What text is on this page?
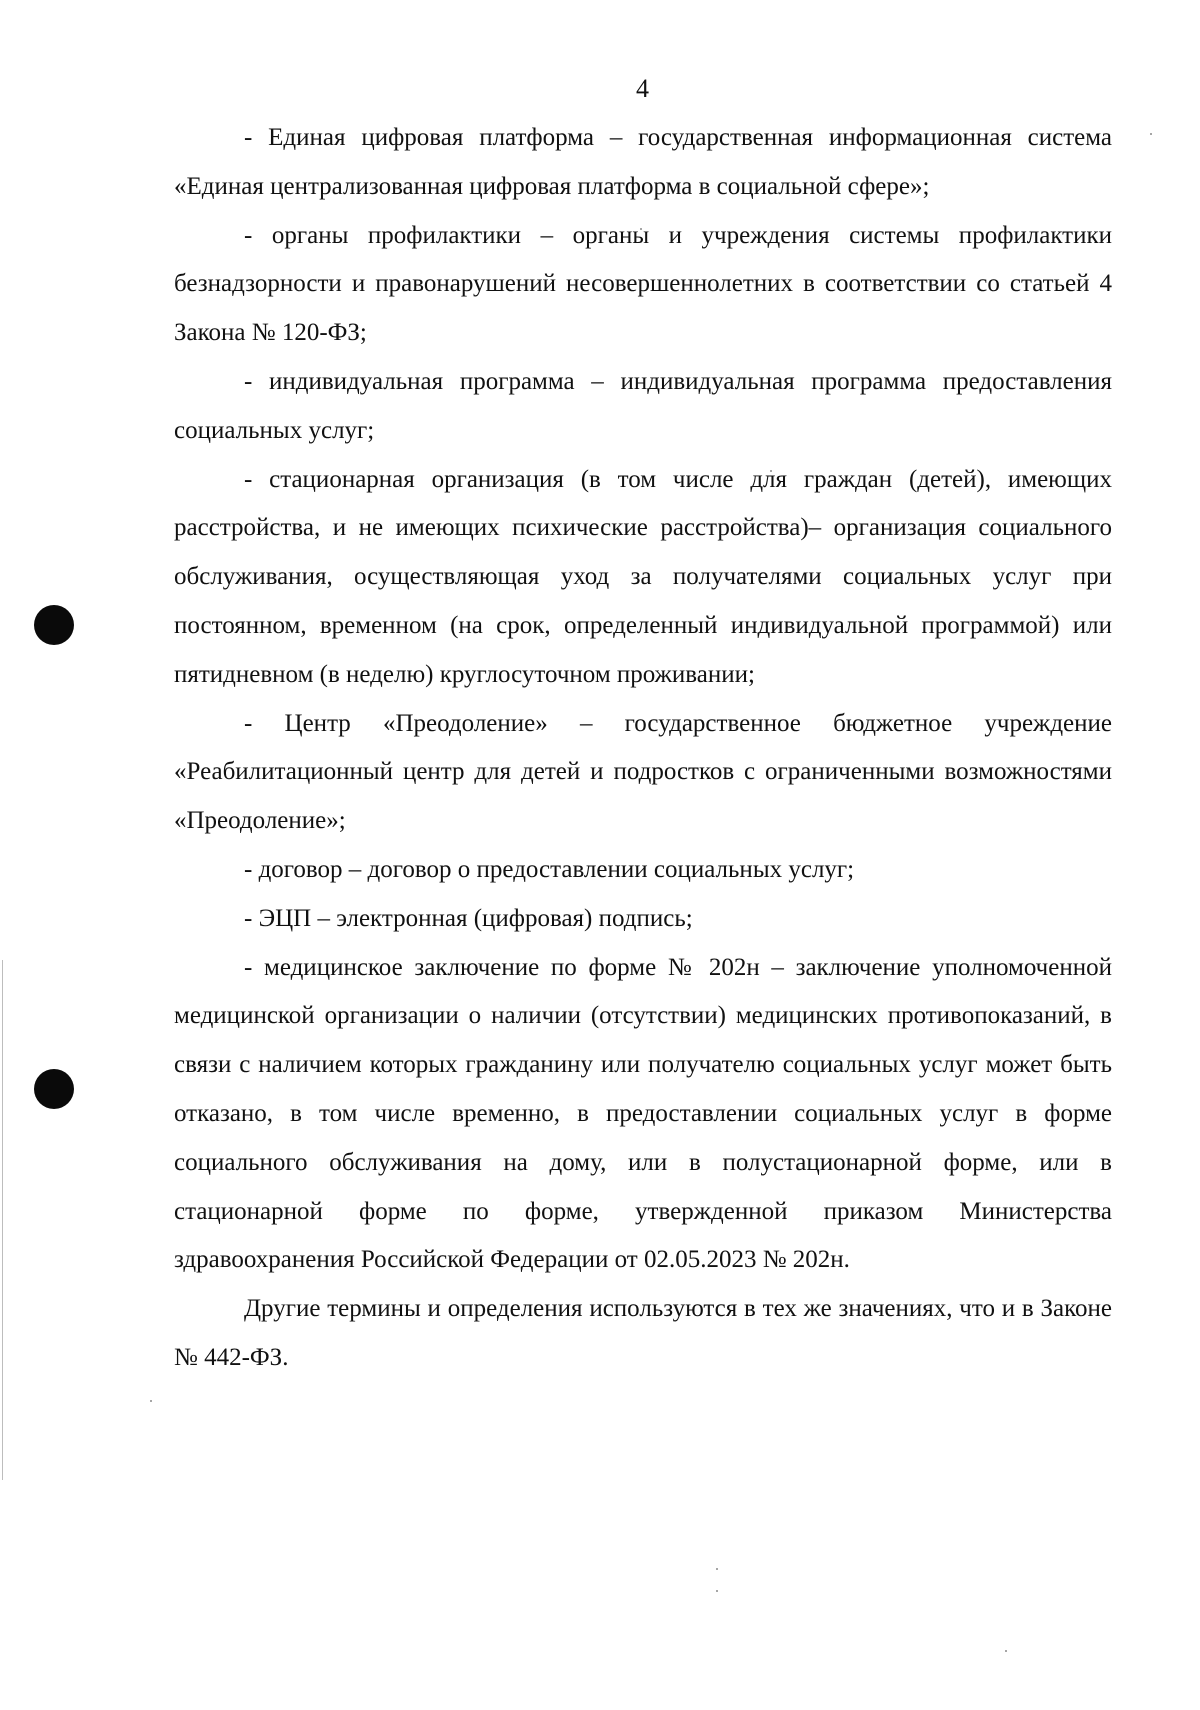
4

- Единая цифровая платформа – государственная информационная система «Единая централизованная цифровая платформа в социальной сфере»;

- органы профилактики – органы и учреждения системы профилактики безнадзорности и правонарушений несовершеннолетних в соответствии со статьей 4 Закона № 120-ФЗ;

- индивидуальная программа – индивидуальная программа предоставления социальных услуг;

- стационарная организация (в том числе для граждан (детей), имеющих расстройства, и не имеющих психические расстройства)– организация социального обслуживания, осуществляющая уход за получателями социальных услуг при постоянном, временном (на срок, определенный индивидуальной программой) или пятидневном (в неделю) круглосуточном проживании;

- Центр «Преодоление» – государственное бюджетное учреждение «Реабилитационный центр для детей и подростков с ограниченными возможностями «Преодоление»;

- договор – договор о предоставлении социальных услуг;

- ЭЦП – электронная (цифровая) подпись;

- медицинское заключение по форме № 202н – заключение уполномоченной медицинской организации о наличии (отсутствии) медицинских противопоказаний, в связи с наличием которых гражданину или получателю социальных услуг может быть отказано, в том числе временно, в предоставлении социальных услуг в форме социального обслуживания на дому, или в полустационарной форме, или в стационарной форме по форме, утвержденной приказом Министерства здравоохранения Российской Федерации от 02.05.2023 № 202н.

Другие термины и определения используются в тех же значениях, что и в Законе № 442-ФЗ.
